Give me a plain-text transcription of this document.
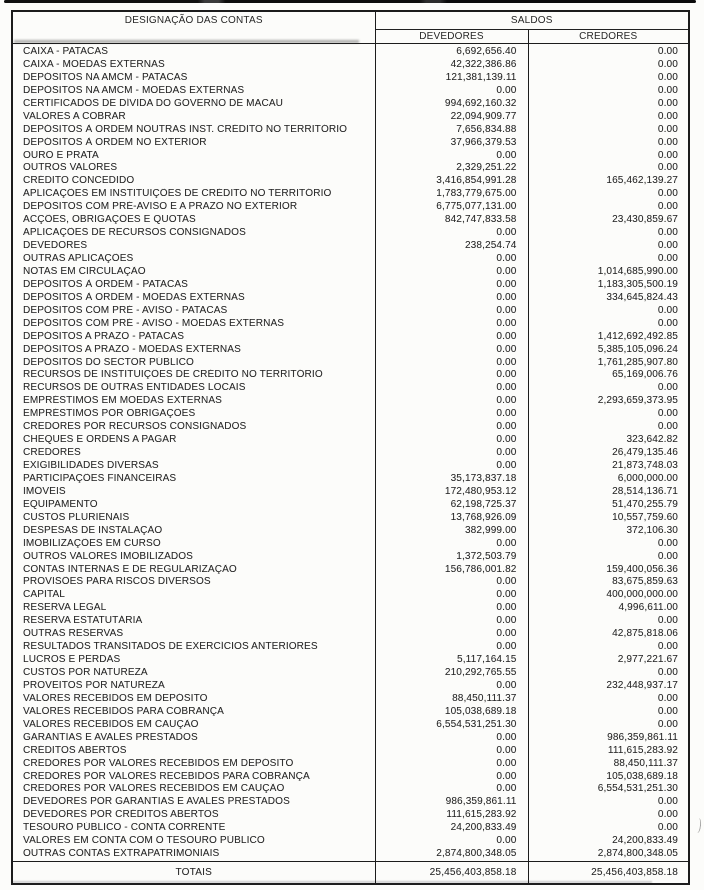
DESIGNAÇÃO DAS CONTAS	SALDOS	
	DEVEDORES	CREDORES
CAIXA - PATACAS	6,692,656.40	0.00
CAIXA - MOEDAS EXTERNAS	42,322,386.86	0.00
DEPÓSITOS NA AMCM - PATACAS	121,381,139.11	0.00
DEPÓSITOS NA AMCM - MOEDAS EXTERNAS	0.00	0.00
CERTIFICADOS DE DÍVIDA DO GOVERNO DE MACAU	994,692,160.32	0.00
VALORES A COBRAR	22,094,909.77	0.00
DEPÓSITOS À ORDEM NOUTRAS INST. CRÉDITO NO TERRITÓRIO	7,656,834.88	0.00
DEPÓSITOS À ORDEM NO EXTERIOR	37,966,379.53	0.00
OURO E PRATA	0.00	0.00
OUTROS VALORES	2,329,251.22	0.00
CRÉDITO CONCEDIDO	3,416,854,991.28	165,462,139.27
APLICAÇÕES EM INSTITUIÇÕES DE CRÉDITO NO TERRITÓRIO	1,783,779,675.00	0.00
DEPÓSITOS COM PRÉ-AVISO E A PRAZO NO EXTERIOR	6,775,077,131.00	0.00
ACÇÕES, OBRIGAÇÕES E QUOTAS	842,747,833.58	23,430,859.67
APLICAÇÕES DE RECURSOS CONSIGNADOS	0.00	0.00
DEVEDORES	238,254.74	0.00
OUTRAS APLICAÇÕES	0.00	0.00
NOTAS EM CIRCULAÇÃO	0.00	1,014,685,990.00
DEPÓSITOS À ORDEM - PATACAS	0.00	1,183,305,500.19
DEPÓSITOS À ORDEM - MOEDAS EXTERNAS	0.00	334,645,824.43
DEPÓSITOS COM PRÉ - AVISO - PATACAS	0.00	0.00
DEPÓSITOS COM PRÉ - AVISO - MOEDAS EXTERNAS	0.00	0.00
DEPÓSITOS A PRAZO - PATACAS	0.00	1,412,692,492.85
DEPÓSITOS A PRAZO - MOEDAS EXTERNAS	0.00	5,385,105,096.24
DEPÓSITOS DO SECTOR PÚBLICO	0.00	1,761,285,907.80
RECURSOS DE INSTITUIÇÕES DE CRÉDITO NO TERRITÓRIO	0.00	65,169,006.76
RECURSOS DE OUTRAS ENTIDADES LOCAIS	0.00	0.00
EMPRÉSTIMOS EM MOEDAS EXTERNAS	0.00	2,293,659,373.95
EMPRÉSTIMOS POR OBRIGAÇÕES	0.00	0.00
CREDORES POR RECURSOS CONSIGNADOS	0.00	0.00
CHEQUES E ORDENS A PAGAR	0.00	323,642.82
CREDORES	0.00	26,479,135.46
EXIGIBILIDADES DIVERSAS	0.00	21,873,748.03
PARTICIPAÇÕES FINANCEIRAS	35,173,837.18	6,000,000.00
IMÓVEIS	172,480,953.12	28,514,136.71
EQUIPAMENTO	62,198,725.37	51,470,255.79
CUSTOS PLURIENAIS	13,768,926.09	10,557,759.60
DESPESAS DE INSTALAÇÃO	382,999.00	372,106.30
IMOBILIZAÇÕES EM CURSO	0.00	0.00
OUTROS VALORES IMOBILIZADOS	1,372,503.79	0.00
CONTAS INTERNAS E DE REGULARIZAÇÃO	156,786,001.82	159,400,056.36
PROVISÕES PARA RISCOS DIVERSOS	0.00	83,675,859.63
CAPITAL	0.00	400,000,000.00
RESERVA LEGAL	0.00	4,996,611.00
RESERVA ESTATUTÁRIA	0.00	0.00
OUTRAS RESERVAS	0.00	42,875,818.06
RESULTADOS TRANSITADOS DE EXERCÍCIOS ANTERIORES	0.00	0.00
LUCROS E PERDAS	5,117,164.15	2,977,221.67
CUSTOS POR NATUREZA	210,292,765.55	0.00
PROVEITOS POR NATUREZA	0.00	232,448,937.17
VALORES RECEBIDOS EM DEPÓSITO	88,450,111.37	0.00
VALORES RECEBIDOS PARA COBRANÇA	105,038,689.18	0.00
VALORES RECEBIDOS EM CAUÇÃO	6,554,531,251.30	0.00
GARANTIAS E AVALES PRESTADOS	0.00	986,359,861.11
CRÉDITOS ABERTOS	0.00	111,615,283.92
CREDORES POR VALORES RECEBIDOS EM DEPÓSITO	0.00	88,450,111.37
CREDORES POR VALORES RECEBIDOS PARA COBRANÇA	0.00	105,038,689.18
CREDORES POR VALORES RECEBIDOS EM CAUÇÃO	0.00	6,554,531,251.30
DEVEDORES POR GARANTIAS E AVALES PRESTADOS	986,359,861.11	0.00
DEVEDORES POR CRÉDITOS ABERTOS	111,615,283.92	0.00
TESOURO PÚBLICO - CONTA CORRENTE	24,200,833.49	0.00
VALORES EM CONTA COM O TESOURO PÚBLICO	0.00	24,200,833.49
OUTRAS CONTAS EXTRAPATRIMONIAIS	2,874,800,348.05	2,874,800,348.05
TOTAIS	25,456,403,858.18	25,456,403,858.18
